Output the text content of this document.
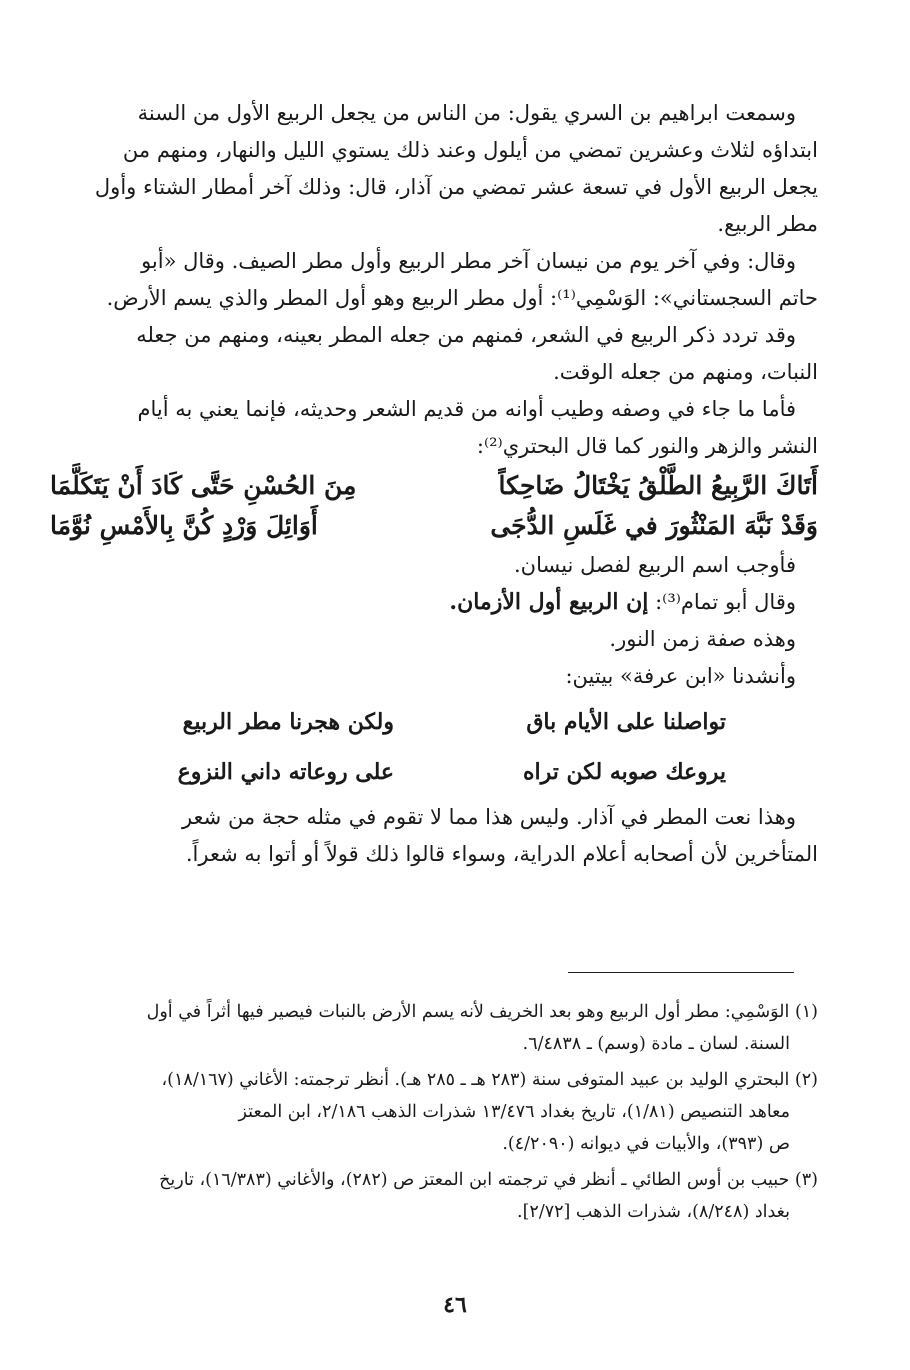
وسمعت ابراهيم بن السري يقول: من الناس من يجعل الربيع الأول من السنة
ابتداؤه لثلاث وعشرين تمضي من أيلول وعند ذلك يستوي الليل والنهار، ومنهم من
يجعل الربيع الأول في تسعة عشر تمضي من آذار، قال: وذلك آخر أمطار الشتاء وأول
مطر الربيع.

وقال: وفي آخر يوم من نيسان آخر مطر الربيع وأول مطر الصيف. وقال «أبو
حاتم السجستاني»: الوَسْمِي⁽¹⁾: أول مطر الربيع وهو أول المطر والذي يسم الأرض.

وقد تردد ذكر الربيع في الشعر، فمنهم من جعله المطر بعينه، ومنهم من جعله
النبات، ومنهم من جعله الوقت.

فأما ما جاء في وصفه وطيب أوانه من قديم الشعر وحديثه، فإنما يعني به أيام
النشر والزهر والنور كما قال البحتري⁽²⁾:

أَتَاكَ الرَّبِيعُ الطَّلْقُ يَخْتَالُ ضَاحِكاً
مِنَ الحُسْنِ حَتَّى كَادَ أَنْ يَتَكَلَّمَا
وَقَدْ نَبَّهَ المَنْثُورَ في غَلَسِ الدُّجَى
أَوَائِلَ وَرْدٍ كُنَّ بِالأَمْسِ نُوَّمَا

فأوجب اسم الربيع لفصل نيسان.
وقال أبو تمام⁽³⁾: إن الربيع أول الأزمان.
وهذه صفة زمن النور.
وأنشدنا «ابن عرفة» بيتين:

تواصلنا على الأيام باق
ولكن هجرنا مطر الربيع
يروعك صوبه لكن تراه
على روعاته داني النزوع

وهذا نعت المطر في آذار. وليس هذا مما لا تقوم في مثله حجة من شعر
المتأخرين لأن أصحابه أعلام الدراية، وسواء قالوا ذلك قولاً أو أتوا به شعراً.

(١) الوَسْمِي: مطر أول الربيع وهو بعد الخريف لأنه يسم الأرض بالنبات فيصير فيها أثراً في أول
السنة. لسان ـ مادة (وسم) ـ ٦/٤٨٣٨.

(٢) البحتري الوليد بن عبيد المتوفى سنة (٢٨٣ هـ ـ ٢٨٥ هـ). أنظر ترجمته: الأغاني (١٨/١٦٧)،
معاهد التنصيص (١/٨١)، تاريخ بغداد ١٣/٤٧٦ شذرات الذهب ٢/١٨٦، ابن المعتز
ص (٣٩٣)، والأبيات في ديوانه (٤/٢٠٩٠).

(٣) حبيب بن أوس الطائي ـ أنظر في ترجمته ابن المعتز ص (٢٨٢)، والأغاني (١٦/٣٨٣)، تاريخ
بغداد (٨/٢٤٨)، شذرات الذهب [٢/٧٢].

٤٦
